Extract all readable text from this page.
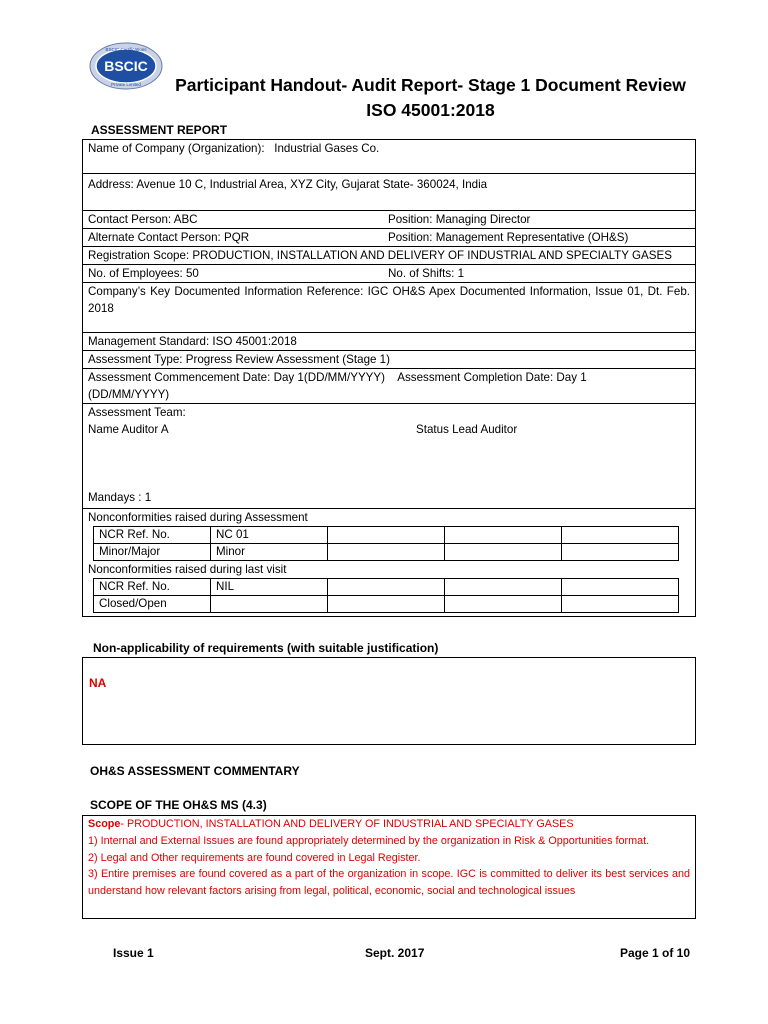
BSCIC
BSCIC Certifications
Private Limited	Participant Handout- Audit Report- Stage 1 Document Review
ISO 45001:2018
ASSESSMENT REPORT
Name of Company (Organization): Industrial Gases Co.
Address: Avenue 10 C, Industrial Area, XYZ City, Gujarat State- 360024, India
Contact Person: ABC	Position: Managing Director
Alternate Contact Person: PQR	Position: Management Representative (OH&S)
Registration Scope: PRODUCTION, INSTALLATION AND DELIVERY OF INDUSTRIAL AND SPECIALTY GASES
No. of Employees: 50	No. of Shifts: 1
Company’s Key Documented Information Reference: IGC OH&S Apex Documented Information, Issue 01, Dt. Feb. 2018
Management Standard: ISO 45001:2018
Assessment Type: Progress Review Assessment (Stage 1)
Assessment Commencement Date: Day 1(DD/MM/YYYY) Assessment Completion Date: Day 1
(DD/MM/YYYY)

Assessment Team:
Name Auditor A	Status Lead Auditor
Mandays : 1

Nonconformities raised during Assessment
NCR Ref. No.	NC 01			
Minor/Major	Minor			
Nonconformities raised during last visit
NCR Ref. No.	NIL			
Closed/Open				
Non-applicability of requirements (with suitable justification)
NA
OH&S ASSESSMENT COMMENTARY
SCOPE OF THE OH&S MS (4.3)

Scope- PRODUCTION, INSTALLATION AND DELIVERY OF INDUSTRIAL AND SPECIALTY GASES

1) Internal and External Issues are found appropriately determined by the organization in Risk & Opportunities format.

2) Legal and Other requirements are found covered in Legal Register.

3) Entire premises are found covered as a part of the organization in scope. IGC is committed to deliver its best services and understand how relevant factors arising from legal, political, economic, social and technological issues

Issue 1	Sept. 2017	Page 1 of 10
